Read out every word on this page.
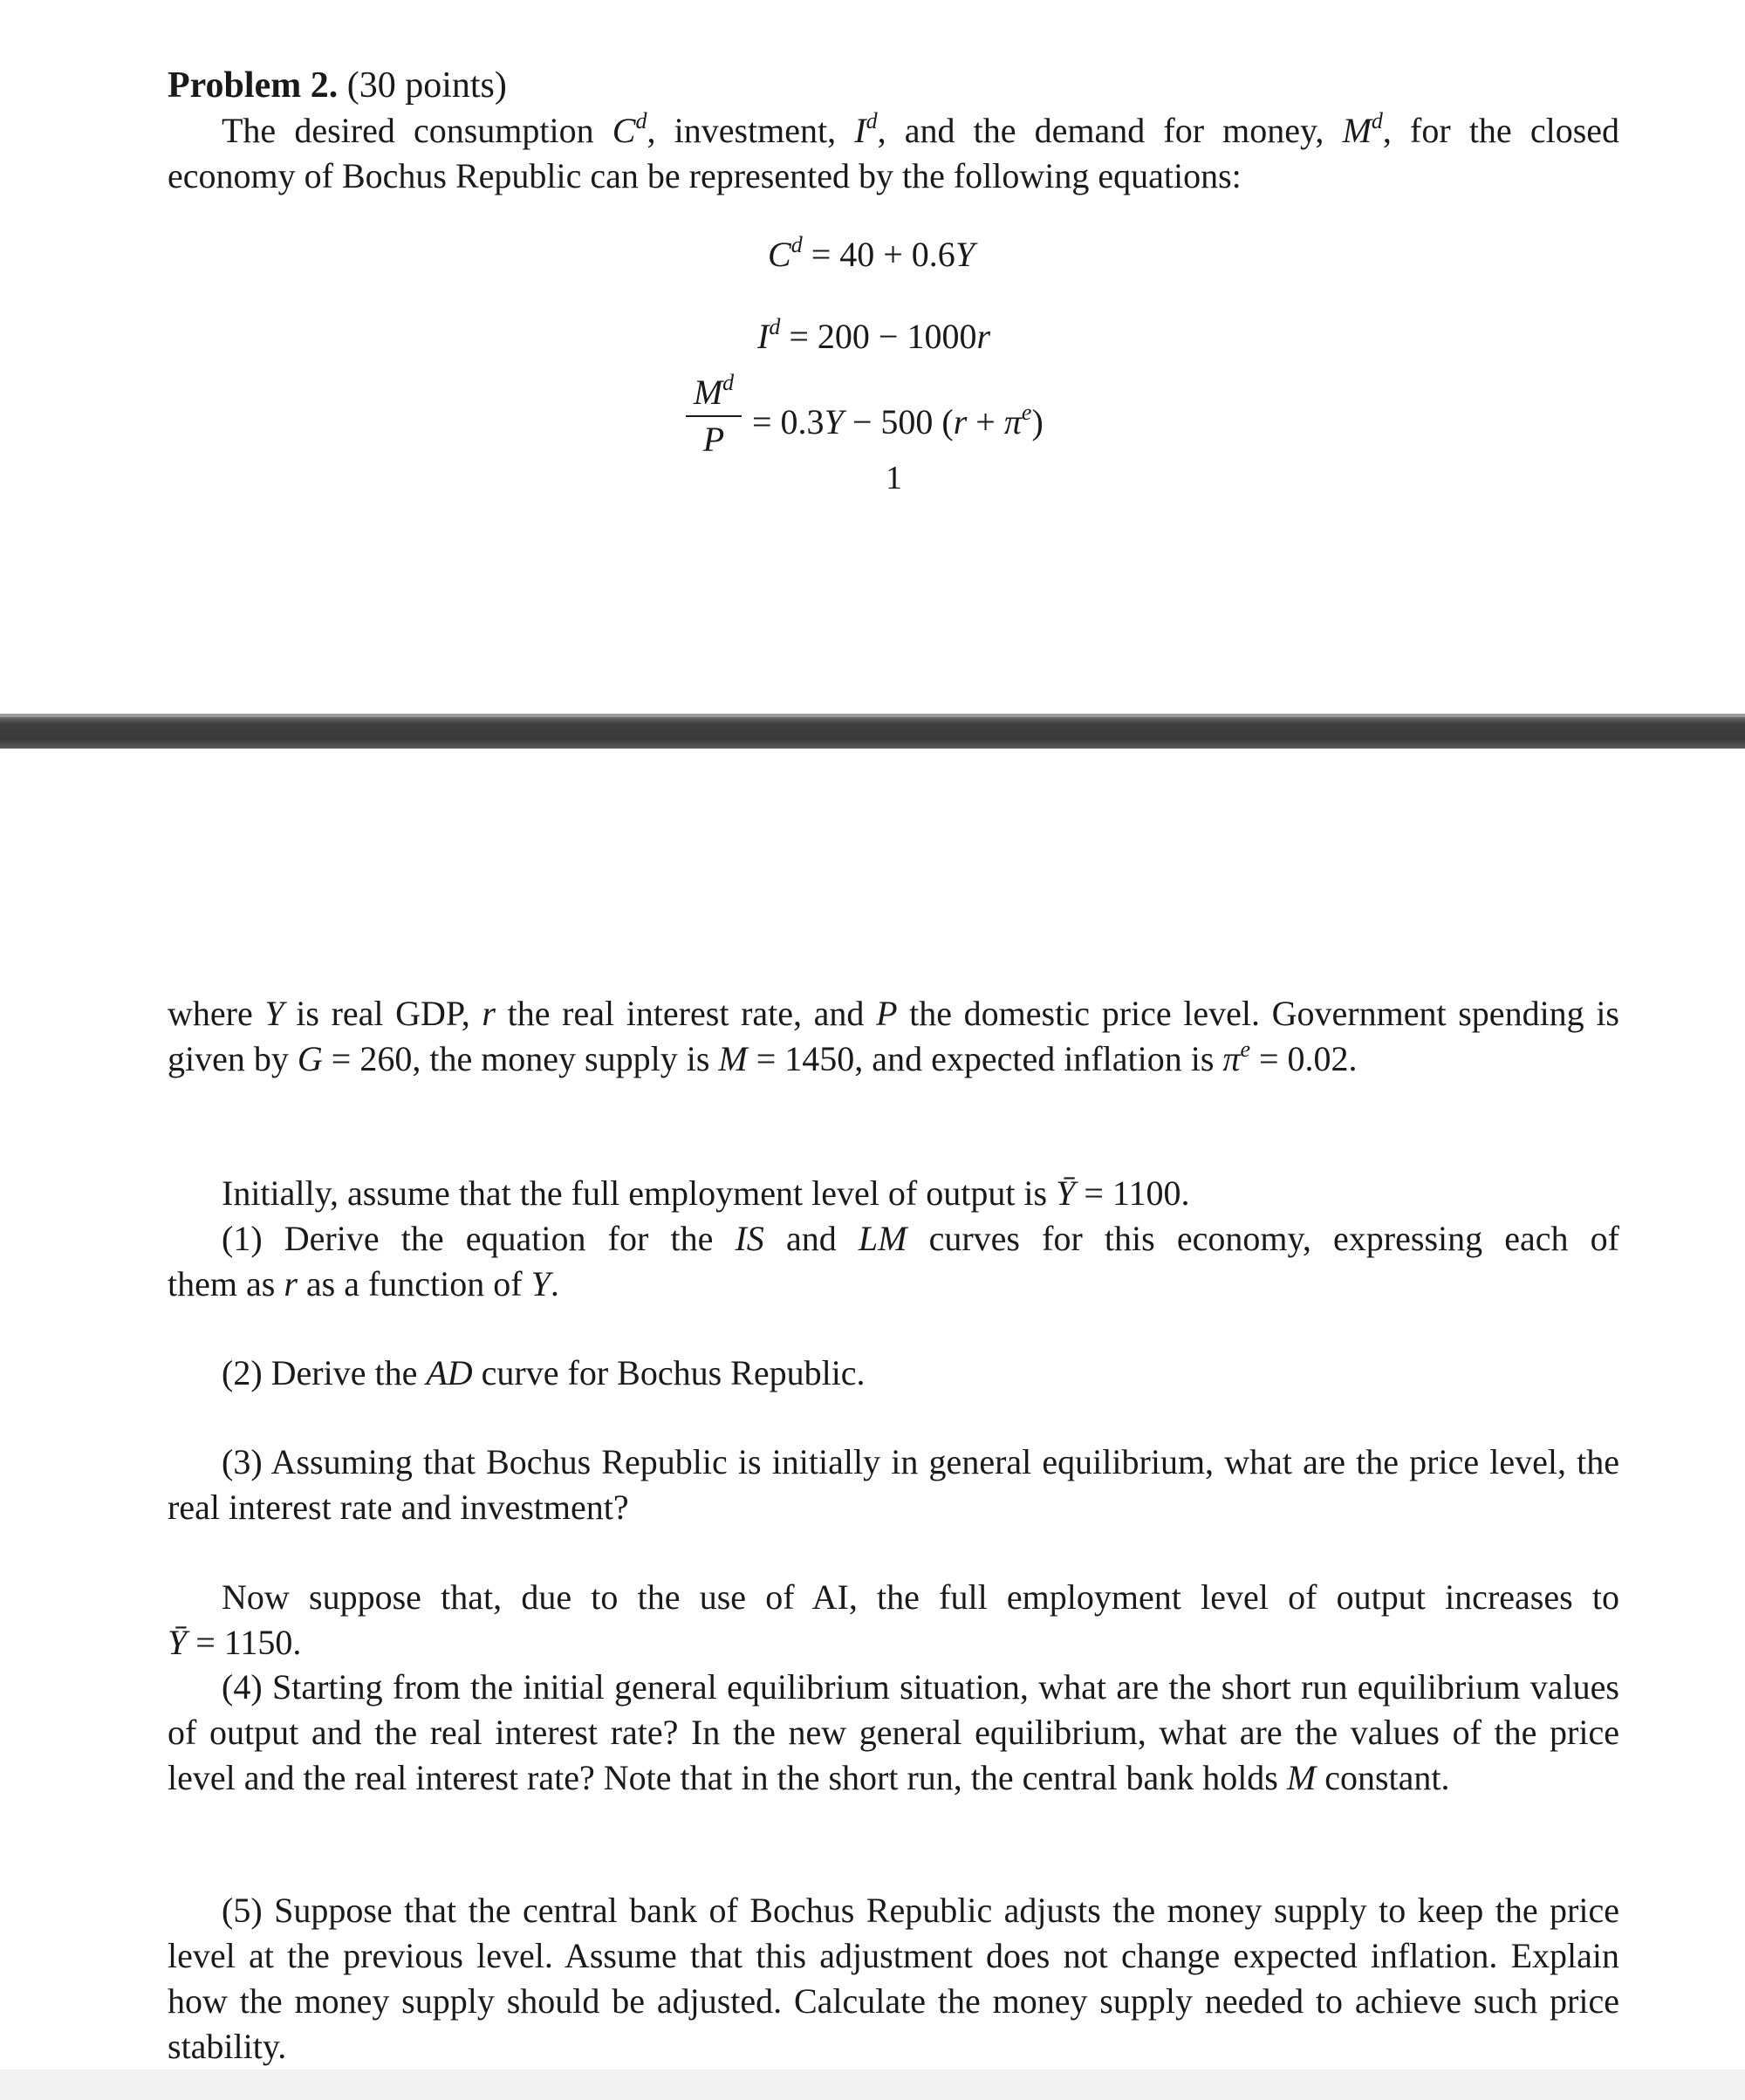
Problem 2. (30 points)

The desired consumption $C^d$, investment, $I^d$, and the demand for money, $M^d$, for the closed economy of Bochus Republic can be represented by the following equations:

$C^d = 40 + 0.6Y$
$I^d = 200 - 1000r$
$M^d$
P = 0.3Y − 500 $(r + \pi^e)$
1

where Y is real GDP, r the real interest rate, and P the domestic price level. Government spending is given by G = 260, the money supply is M = 1450, and expected inflation is $\pi^e = 0.02$.

Initially, assume that the full employment level of output is Ȳ = 1100.
(1) Derive the equation for the IS and LM curves for this economy, expressing each of
them as r as a function of Y.
(2) Derive the AD curve for Bochus Republic.

(3) Assuming that Bochus Republic is initially in general equilibrium, what are the price level, the real interest rate and investment?

Now suppose that, due to the use of AI, the full employment level of output increases to
Ȳ = 1150.

(4) Starting from the initial general equilibrium situation, what are the short run equilibrium values of output and the real interest rate? In the new general equilibrium, what are the values of the price level and the real interest rate? Note that in the short run, the central bank holds M constant.

(5) Suppose that the central bank of Bochus Republic adjusts the money supply to keep the price level at the previous level. Assume that this adjustment does not change expected inflation. Explain how the money supply should be adjusted. Calculate the money supply needed to achieve such price stability.
